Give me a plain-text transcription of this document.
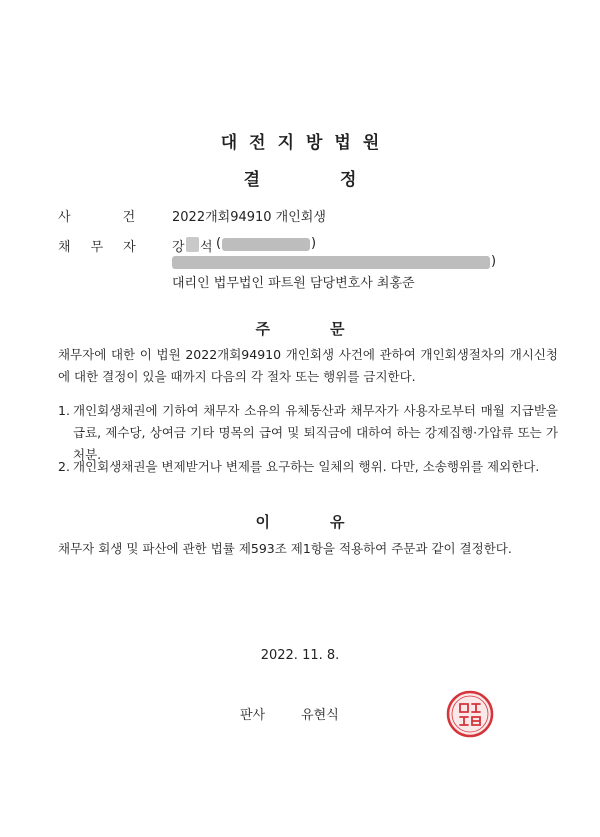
대전지방법원
결	정
사	건	2022개회94910 개인회생
채 무 자	강 석 (	)
)
대리인 법무법인 파트원 담당변호사 최홍준
주	문
채무자에 대한 이 법원 2022개회94910 개인회생 사건에 관하여 개인회생절차의 개시신청에 대한 결정이 있을 때까지 다음의 각 절차 또는 행위를 금지한다.
1. 개인회생채권에 기하여 채무자 소유의 유체동산과 채무자가 사용자로부터 매월 지급받을 급료, 제수당, 상여금 기타 명목의 급여 및 퇴직금에 대하여 하는 강제집행·가압류 또는 가처분.
2. 개인회생채권을 변제받거나 변제를 요구하는 일체의 행위. 다만, 소송행위를 제외한다.
이	유
채무자 회생 및 파산에 관한 법률 제593조 제1항을 적용하여 주문과 같이 결정한다.
2022. 11. 8.
판사	유현식
